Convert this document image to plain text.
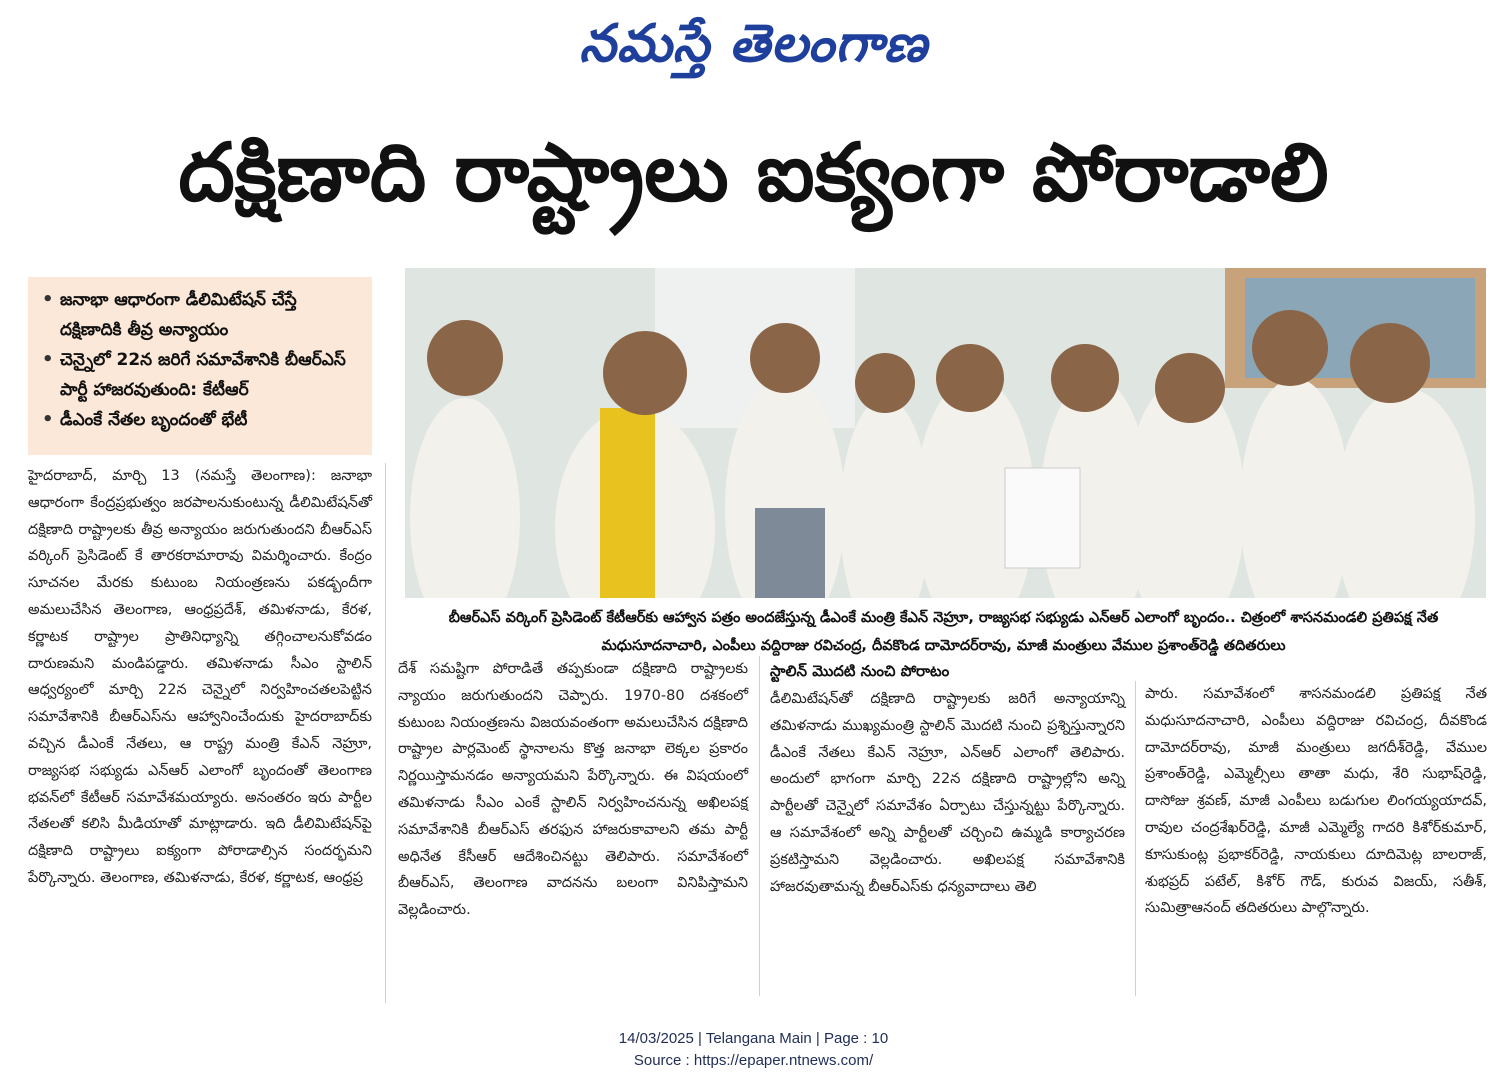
నమస్తే తెలంగాణ
దక్షిణాది రాష్ట్రాలు ఐక్యంగా పోరాడాలి
• జనాభా ఆధారంగా డీలిమిటేషన్ చేస్తే దక్షిణాదికి తీవ్ర అన్యాయం
• చెన్నైలో 22న జరిగే సమావేశానికి బీఆర్ఎస్ పార్టీ హాజరవుతుంది: కేటీఆర్
• డీఎంకే నేతల బృందంతో భేటీ
బీఆర్ఎస్ వర్కింగ్ ప్రెసిడెంట్ కేటీఆర్‌కు ఆహ్వాన పత్రం అందజేస్తున్న డీఎంకే మంత్రి కేఎన్ నెహ్రూ, రాజ్యసభ సభ్యుడు ఎన్ఆర్ ఎలాంగో బృందం.. చిత్రంలో శాసనమండలి ప్రతిపక్ష నేత మధుసూదనాచారి, ఎంపీలు వద్దిరాజు రవిచంద్ర, దీవకొండ దామోదర్‌రావు, మాజీ మంత్రులు వేముల ప్రశాంత్‌రెడ్డి తదితరులు

హైదరాబాద్, మార్చి 13 (నమస్తే తెలంగాణ): జనాభా ఆధారంగా కేంద్రప్రభుత్వం జరపాలనుకుంటున్న డీలిమిటేషన్‌తో దక్షిణాది రాష్ట్రాలకు తీవ్ర అన్యాయం జరుగుతుందని బీఆర్ఎస్ వర్కింగ్ ప్రెసిడెంట్ కే తారకరామారావు విమర్శించారు. కేంద్రం సూచనల మేరకు కుటుంబ నియంత్రణను పకడ్బందీగా అమలుచేసిన తెలంగాణ, ఆంధ్రప్రదేశ్, తమిళనాడు, కేరళ, కర్ణాటక రాష్ట్రాల ప్రాతినిధ్యాన్ని తగ్గించాలనుకోవడం దారుణమని మండిపడ్డారు. తమిళనాడు సీఎం స్టాలిన్ ఆధ్వర్యంలో మార్చి 22న చెన్నైలో నిర్వహించతలపెట్టిన సమావేశానికి బీఆర్ఎస్‌ను ఆహ్వానించేందుకు హైదరాబాద్‌కు వచ్చిన డీఎంకే నేతలు, ఆ రాష్ట్ర మంత్రి కేఎన్ నెహ్రూ, రాజ్యసభ సభ్యుడు ఎన్ఆర్ ఎలాంగో బృందంతో తెలంగాణ భవన్‌లో కేటీఆర్ సమావేశమయ్యారు. అనంతరం ఇరు పార్టీల నేతలతో కలిసి మీడియాతో మాట్లాడారు. ఇది డీలిమిటేషన్‌పై దక్షిణాది రాష్ట్రాలు ఐక్యంగా పోరాడాల్సిన సందర్భమని పేర్కొన్నారు. తెలంగాణ, తమిళనాడు, కేరళ, కర్ణాటక, ఆంధ్రప్ర

దేశ్ సమష్టిగా పోరాడితే తప్పకుండా దక్షిణాది రాష్ట్రాలకు న్యాయం జరుగుతుందని చెప్పారు. 1970-80 దశకంలో కుటుంబ నియంత్రణను విజయవంతంగా అమలుచేసిన దక్షిణాది రాష్ట్రాల పార్లమెంట్ స్థానాలను కొత్త జనాభా లెక్కల ప్రకారం నిర్ణయిస్తామనడం అన్యాయమని పేర్కొన్నారు. ఈ విషయంలో తమిళనాడు సీఎం ఎంకే స్టాలిన్ నిర్వహించనున్న అఖిలపక్ష సమావేశానికి బీఆర్ఎస్ తరఫున హాజరుకావాలని తమ పార్టీ అధినేత కేసీఆర్ ఆదేశించినట్టు తెలిపారు. సమావేశంలో బీఆర్ఎస్, తెలంగాణ వాదనను బలంగా వినిపిస్తామని వెల్లడించారు.

స్టాలిన్ మొదటి నుంచి పోరాటం

డీలిమిటేషన్‌తో దక్షిణాది రాష్ట్రాలకు జరిగే అన్యాయాన్ని తమిళనాడు ముఖ్యమంత్రి స్టాలిన్ మొదటి నుంచి ప్రశ్నిస్తున్నారని డీఎంకే నేతలు కేఎన్ నెహ్రూ, ఎన్ఆర్ ఎలాంగో తెలిపారు. అందులో భాగంగా మార్చి 22న దక్షిణాది రాష్ట్రాల్లోని అన్ని పార్టీలతో చెన్నైలో సమావేశం ఏర్పాటు చేస్తున్నట్టు పేర్కొన్నారు. ఆ సమావేశంలో అన్ని పార్టీలతో చర్చించి ఉమ్మడి కార్యాచరణ ప్రకటిస్తామని వెల్లడించారు. అఖిలపక్ష సమావేశానికి హాజరవుతామన్న బీఆర్ఎస్‌కు ధన్యవాదాలు తెలి

పారు. సమావేశంలో శాసనమండలి ప్రతిపక్ష నేత మధుసూదనాచారి, ఎంపీలు వద్దిరాజు రవిచంద్ర, దీవకొండ దామోదర్‌రావు, మాజీ మంత్రులు జగదీశ్‌రెడ్డి, వేముల ప్రశాంత్‌రెడ్డి, ఎమ్మెల్సీలు తాతా మధు, శేరి సుభాష్‌రెడ్డి, దాసోజు శ్రవణ్, మాజీ ఎంపీలు బడుగుల లింగయ్యయాదవ్, రావుల చంద్రశేఖర్‌రెడ్డి, మాజీ ఎమ్మెల్యే గాదరి కిశోర్‌కుమార్, కూసుకుంట్ల ప్రభాకర్‌రెడ్డి, నాయకులు దూదిమెట్ల బాలరాజ్, శుభప్రద్ పటేల్, కిశోర్ గౌడ్, కురువ విజయ్, సతీశ్, సుమిత్రాఆనంద్ తదితరులు పాల్గొన్నారు.

14/03/2025 | Telangana Main | Page : 10
Source : https://epaper.ntnews.com/
